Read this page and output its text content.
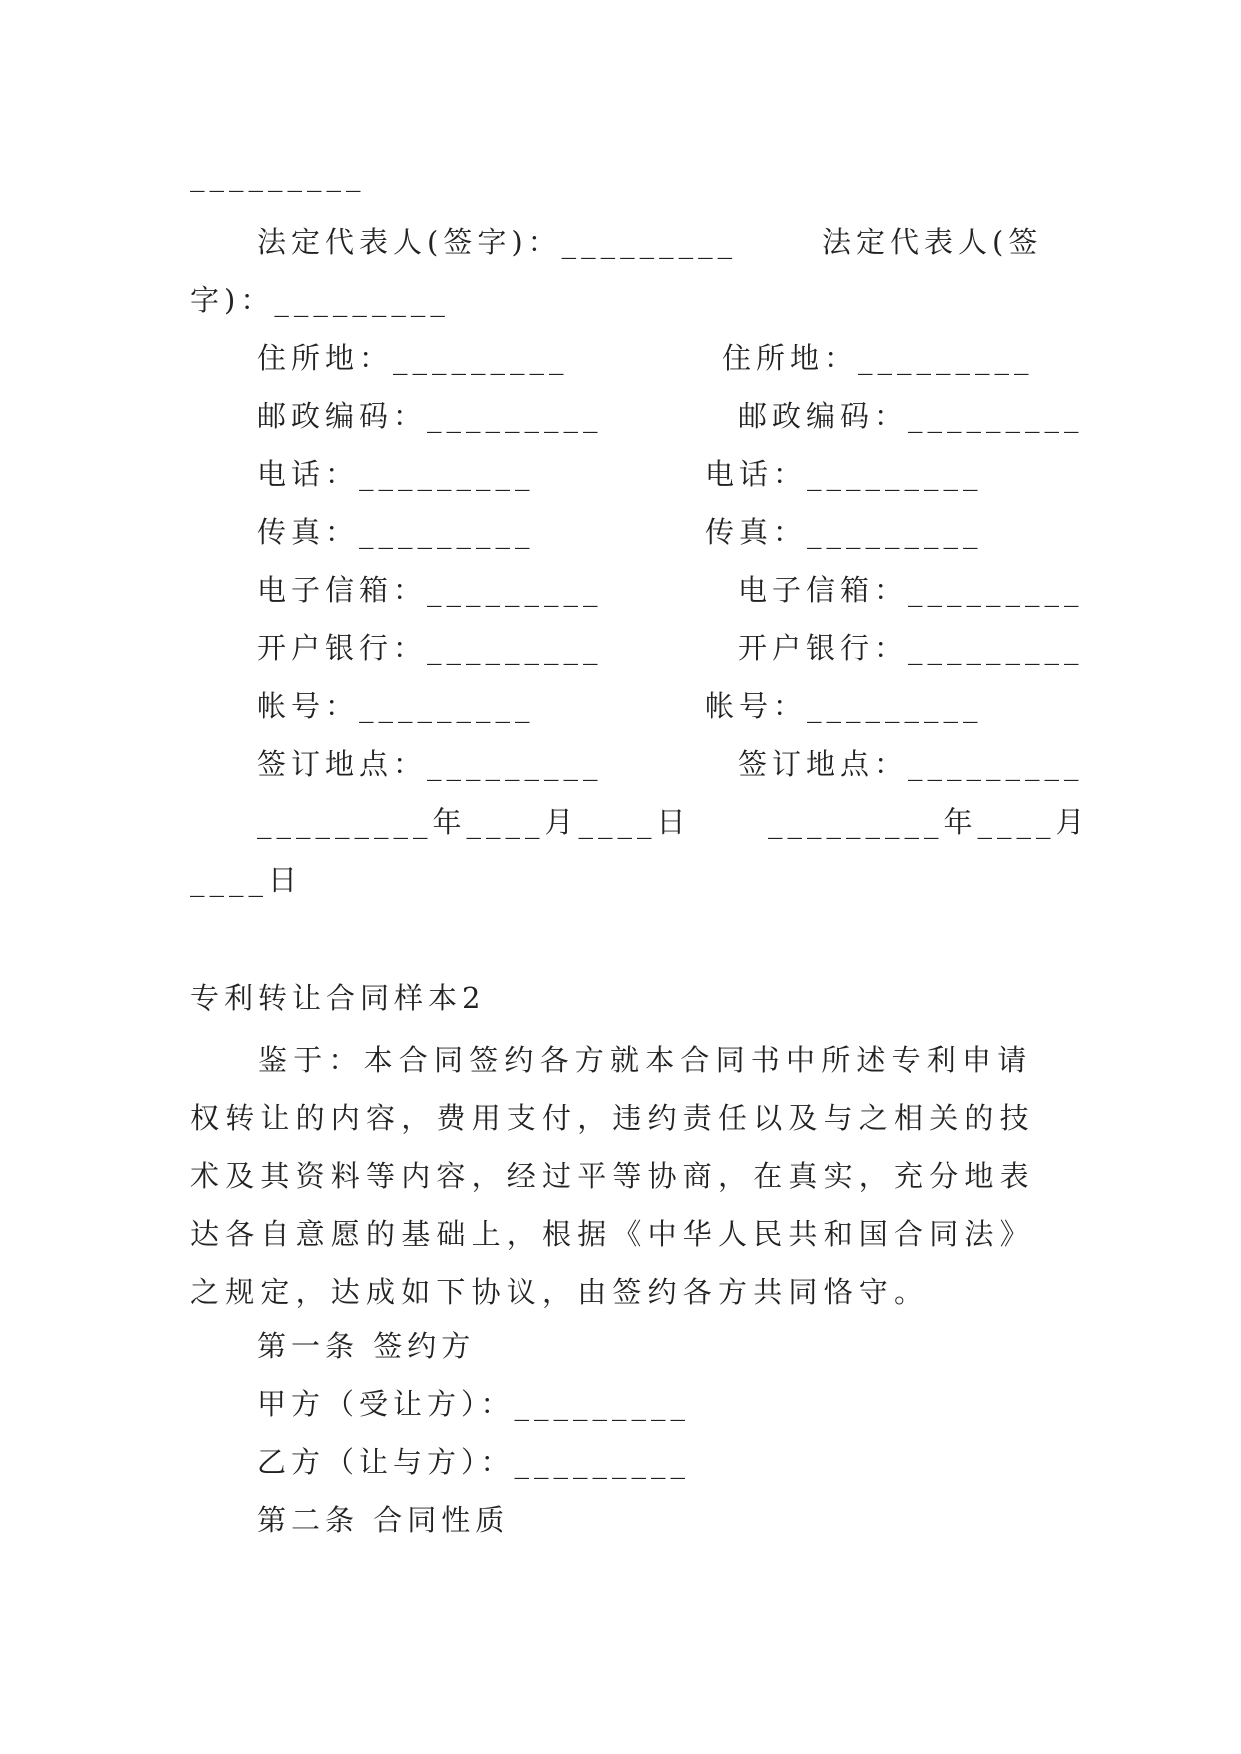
_________
法定代表人(签字)：_________	法定代表人(签
字)：_________
住所地：_________	住所地：_________
邮政编码：_________	邮政编码：_________
电话：_________	电话：_________
传真：_________	传真：_________
电子信箱：_________	电子信箱：_________
开户银行：_________	开户银行：_________
帐号：_________	帐号：_________
签订地点：_________	签订地点：_________
_________年____月____日	_________年____月
____日
专利转让合同样本2

鉴于：本合同签约各方就本合同书中所述专利申请权转让的内容，费用支付，违约责任以及与之相关的技术及其资料等内容，经过平等协商，在真实，充分地表达各自意愿的基础上，根据《中华人民共和国合同法》之规定，达成如下协议，由签约各方共同恪守。

第一条 签约方
甲方（受让方）：_________
乙方（让与方）：_________
第二条 合同性质
